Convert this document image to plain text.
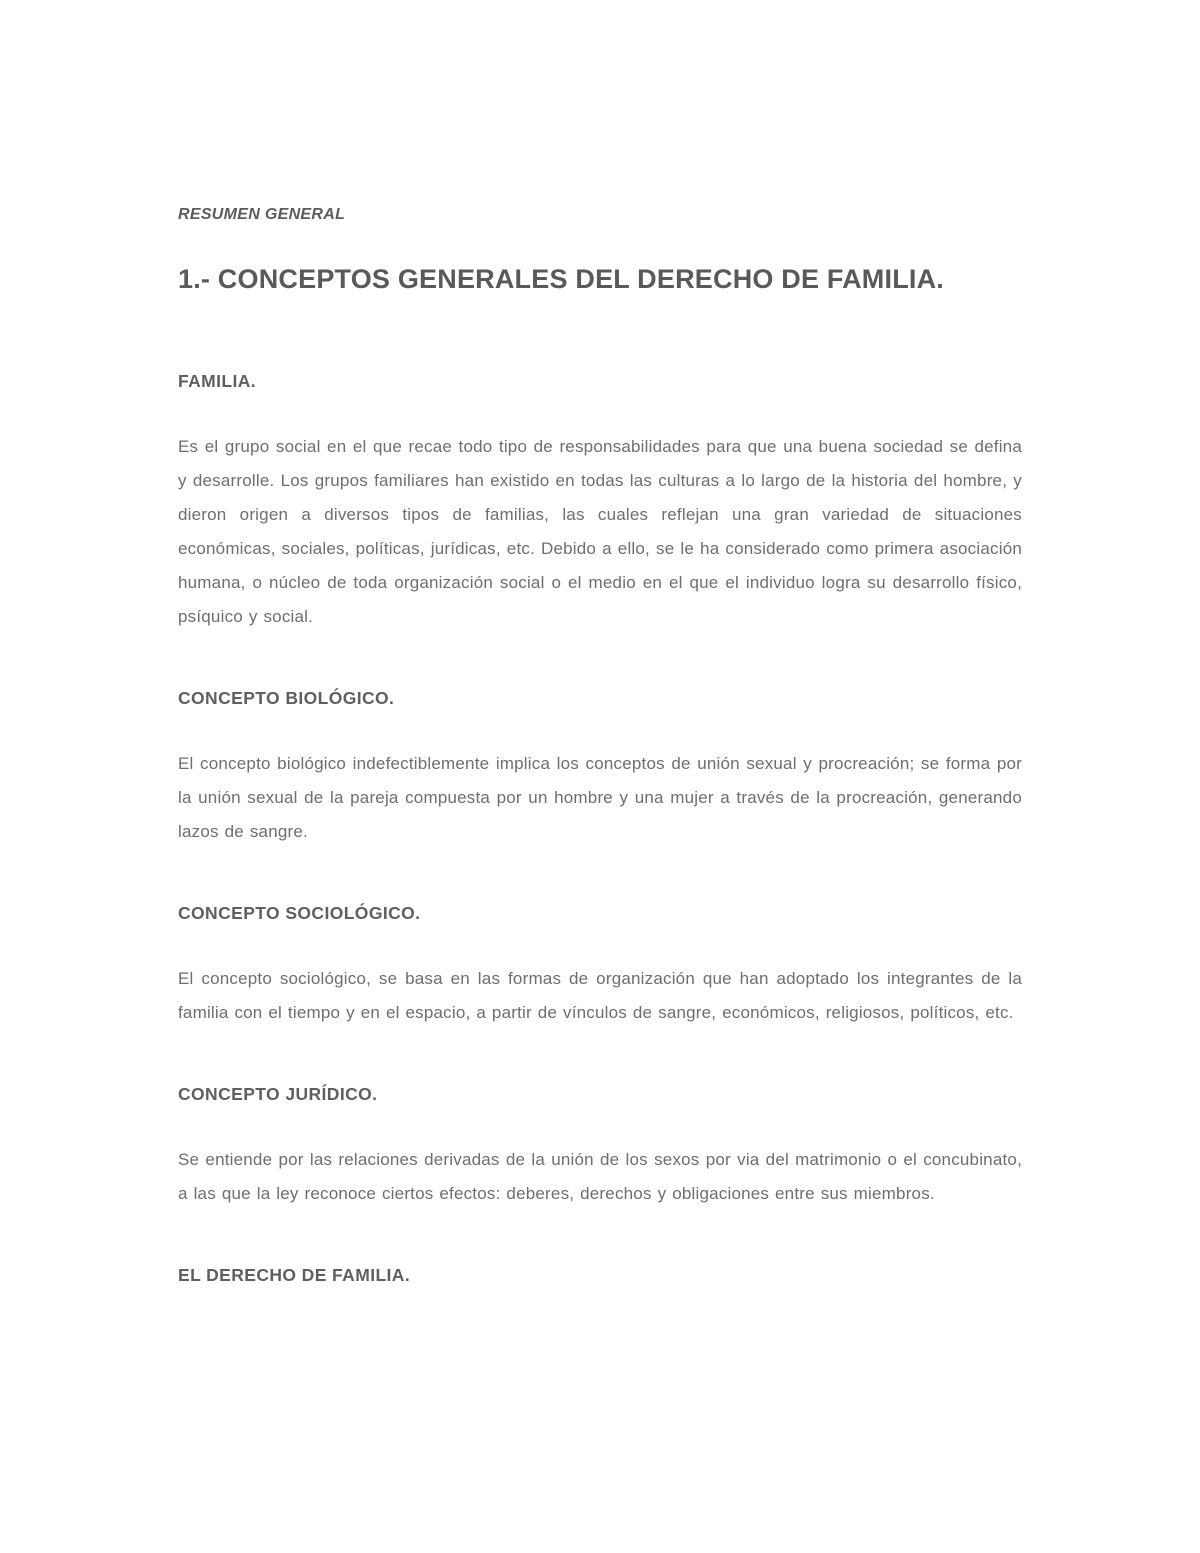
RESUMEN GENERAL
1.- CONCEPTOS GENERALES DEL DERECHO DE FAMILIA.
FAMILIA.

Es el grupo social en el que recae todo tipo de responsabilidades para que una buena sociedad se defina y desarrolle. Los grupos familiares han existido en todas las culturas a lo largo de la historia del hombre, y dieron origen a diversos tipos de familias, las cuales reflejan una gran variedad de situaciones económicas, sociales, políticas, jurídicas, etc. Debido a ello, se le ha considerado como primera asociación humana, o núcleo de toda organización social o el medio en el que el individuo logra su desarrollo físico, psíquico y social.

CONCEPTO BIOLÓGICO.

El concepto biológico indefectiblemente implica los conceptos de unión sexual y procreación; se forma por la unión sexual de la pareja compuesta por un hombre y una mujer a través de la procreación, generando lazos de sangre.

CONCEPTO SOCIOLÓGICO.

El concepto sociológico, se basa en las formas de organización que han adoptado los integrantes de la familia con el tiempo y en el espacio, a partir de vínculos de sangre, económicos, religiosos, políticos, etc.

CONCEPTO JURÍDICO.

Se entiende por las relaciones derivadas de la unión de los sexos por via del matrimonio o el concubinato, a las que la ley reconoce ciertos efectos: deberes, derechos y obligaciones entre sus miembros.

EL DERECHO DE FAMILIA.
